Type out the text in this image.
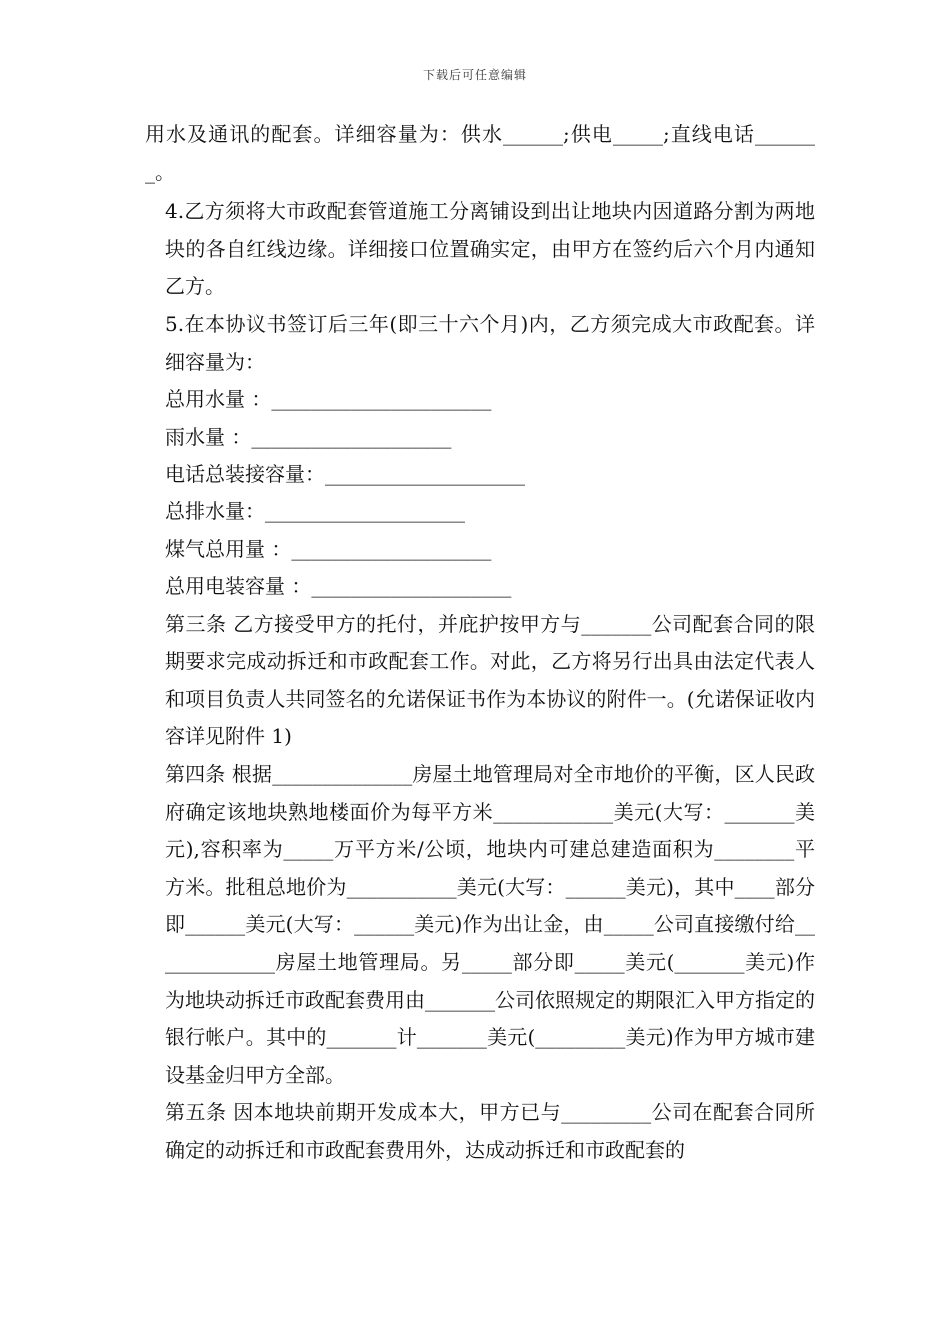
下载后可任意编辑

用水及通讯的配套。详细容量为：供水______;供电_____;直线电话_______。

4.乙方须将大市政配套管道施工分离铺设到出让地块内因道路分割为两地块的各自红线边缘。详细接口位置确实定，由甲方在签约后六个月内通知乙方。

5.在本协议书签订后三年(即三十六个月)内，乙方须完成大市政配套。详细容量为：

总用水量 ：______________________
雨水量 ：____________________
电话总装接容量：____________________
总排水量：____________________
煤气总用量 ：____________________
总用电装容量 ：____________________

第三条 乙方接受甲方的托付，并庇护按甲方与_______公司配套合同的限期要求完成动拆迁和市政配套工作。对此，乙方将另行出具由法定代表人和项目负责人共同签名的允诺保证书作为本协议的附件一。(允诺保证收内容详见附件 1)

第四条 根据______________房屋土地管理局对全市地价的平衡，区人民政府确定该地块熟地楼面价为每平方米____________美元(大写：_______美元),容积率为_____万平方米/公顷，地块内可建总建造面积为________平方米。批租总地价为___________美元(大写：______美元)，其中____部分即______美元(大写：______美元)作为出让金，由_____公司直接缴付给_____________房屋土地管理局。另_____部分即_____美元(_______美元)作为地块动拆迁市政配套费用由_______公司依照规定的期限汇入甲方指定的银行帐户。其中的_______计_______美元(_________美元)作为甲方城市建设基金归甲方全部。

第五条 因本地块前期开发成本大，甲方已与_________公司在配套合同所确定的动拆迁和市政配套费用外，达成动拆迁和市政配套的
